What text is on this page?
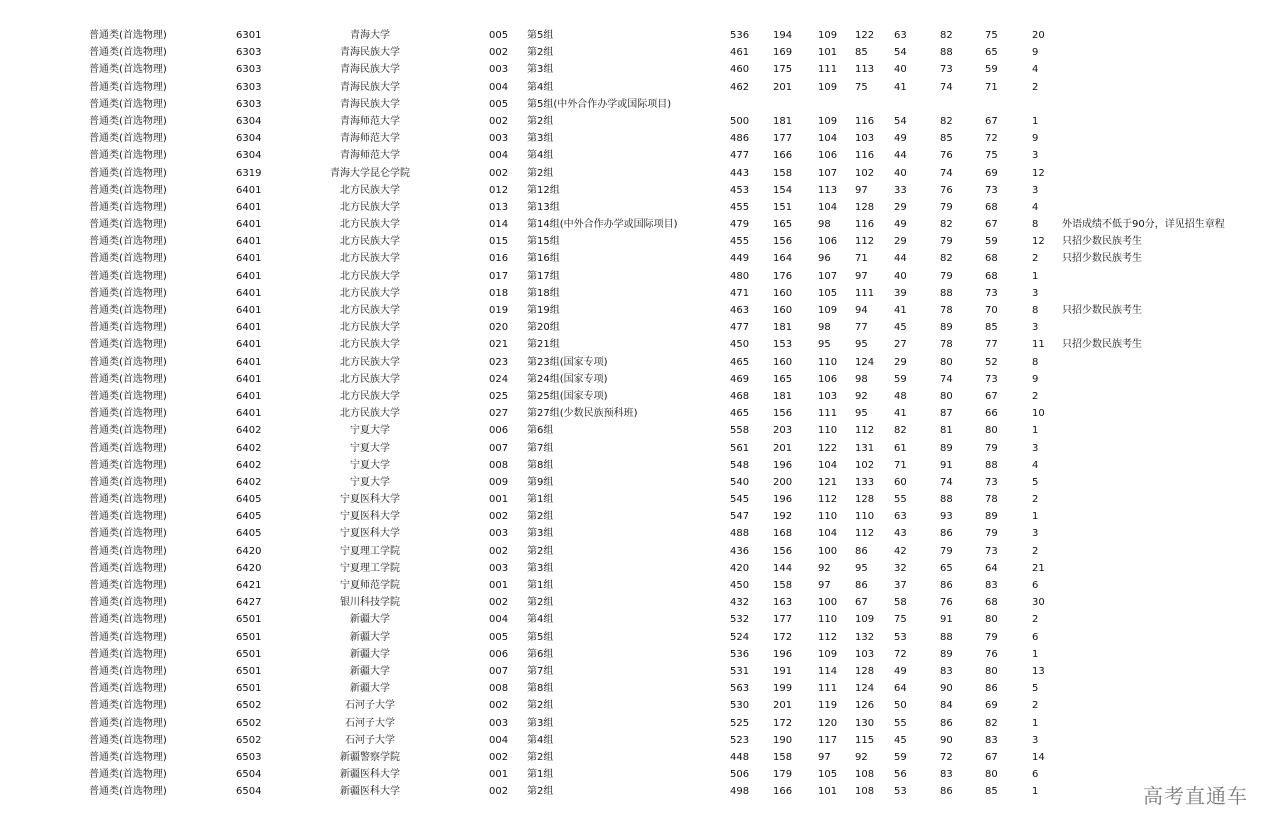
普通类(首选物理)	6301	青海大学	005 第5组	536 194	109 122 63	82	75	20
普通类(首选物理)	6303	青海民族大学	002 第2组	461 169	101 85	54	88	65	9
普通类(首选物理)	6303	青海民族大学	003 第3组	460 175	111 113 40	73	59	4
普通类(首选物理)	6303	青海民族大学	004 第4组	462 201	109 75	41	74	71	2
普通类(首选物理)	6303	青海民族大学	005 第5组(中外合作办学或国际项目)
普通类(首选物理)	6304	青海师范大学	002 第2组	500 181	109 116 54	82	67	1
普通类(首选物理)	6304	青海师范大学	003 第3组	486 177	104 103 49	85	72	9
普通类(首选物理)	6304	青海师范大学	004 第4组	477 166	106 116 44	76	75	3
普通类(首选物理)	6319	青海大学昆仑学院	002 第2组	443 158	107 102 40	74	69	12
普通类(首选物理)	6401	北方民族大学	012 第12组	453 154	113 97	33	76	73	3
普通类(首选物理)	6401	北方民族大学	013 第13组	455 151	104 128 29	79	68	4
普通类(首选物理)	6401	北方民族大学	014 第14组(中外合作办学或国际项目)	479 165	98 116 49	82	67	8 外语成绩不低于90分，详见招生章程
普通类(首选物理)	6401	北方民族大学	015 第15组	455 156	106 112 29	79	59	12 只招少数民族考生
普通类(首选物理)	6401	北方民族大学	016 第16组	449 164	96 71	44	82	68	2 只招少数民族考生
普通类(首选物理)	6401	北方民族大学	017 第17组	480 176	107 97	40	79	68	1
普通类(首选物理)	6401	北方民族大学	018 第18组	471 160	105 111 39	88	73	3
普通类(首选物理)	6401	北方民族大学	019 第19组	463 160	109 94	41	78	70	8 只招少数民族考生
普通类(首选物理)	6401	北方民族大学	020 第20组	477 181	98 77	45	89	85	3
普通类(首选物理)	6401	北方民族大学	021 第21组	450 153	95 95	27	78	77	11 只招少数民族考生
普通类(首选物理)	6401	北方民族大学	023 第23组(国家专项)	465 160	110 124 29	80	52	8
普通类(首选物理)	6401	北方民族大学	024 第24组(国家专项)	469 165	106 98	59	74	73	9
普通类(首选物理)	6401	北方民族大学	025 第25组(国家专项)	468 181	103 92	48	80	67	2
普通类(首选物理)	6401	北方民族大学	027 第27组(少数民族预科班)	465 156	111 95	41	87	66	10
普通类(首选物理)	6402	宁夏大学	006 第6组	558 203	110 112 82	81	80	1
普通类(首选物理)	6402	宁夏大学	007 第7组	561 201	122 131 61	89	79	3
普通类(首选物理)	6402	宁夏大学	008 第8组	548 196	104 102 71	91	88	4
普通类(首选物理)	6402	宁夏大学	009 第9组	540 200	121 133 60	74	73	5
普通类(首选物理)	6405	宁夏医科大学	001 第1组	545 196	112 128 55	88	78	2
普通类(首选物理)	6405	宁夏医科大学	002 第2组	547 192	110 110 63	93	89	1
普通类(首选物理)	6405	宁夏医科大学	003 第3组	488 168	104 112 43	86	79	3
普通类(首选物理)	6420	宁夏理工学院	002 第2组	436 156	100 86	42	79	73	2
普通类(首选物理)	6420	宁夏理工学院	003 第3组	420 144	92 95	32	65	64	21
普通类(首选物理)	6421	宁夏师范学院	001 第1组	450 158	97 86	37	86	83	6
普通类(首选物理)	6427	银川科技学院	002 第2组	432 163	100 67	58	76	68	30
普通类(首选物理)	6501	新疆大学	004 第4组	532 177	110 109 75	91	80	2
普通类(首选物理)	6501	新疆大学	005 第5组	524 172	112 132 53	88	79	6
普通类(首选物理)	6501	新疆大学	006 第6组	536 196	109 103 72	89	76	1
普通类(首选物理)	6501	新疆大学	007 第7组	531 191	114 128 49	83	80	13
普通类(首选物理)	6501	新疆大学	008 第8组	563 199	111 124 64	90	86	5
普通类(首选物理)	6502	石河子大学	002 第2组	530 201	119 126 50	84	69	2
普通类(首选物理)	6502	石河子大学	003 第3组	525 172	120 130 55	86	82	1
普通类(首选物理)	6502	石河子大学	004 第4组	523 190	117 115 45	90	83	3
普通类(首选物理)	6503	新疆警察学院	002 第2组	448 158	97 92	59	72	67	14
普通类(首选物理)	6504	新疆医科大学	001 第1组	506 179	105 108 56	83	80	6
普通类(首选物理)	6504	新疆医科大学	002 第2组	498 166	101 108 53	86	85	1	高考直通车
